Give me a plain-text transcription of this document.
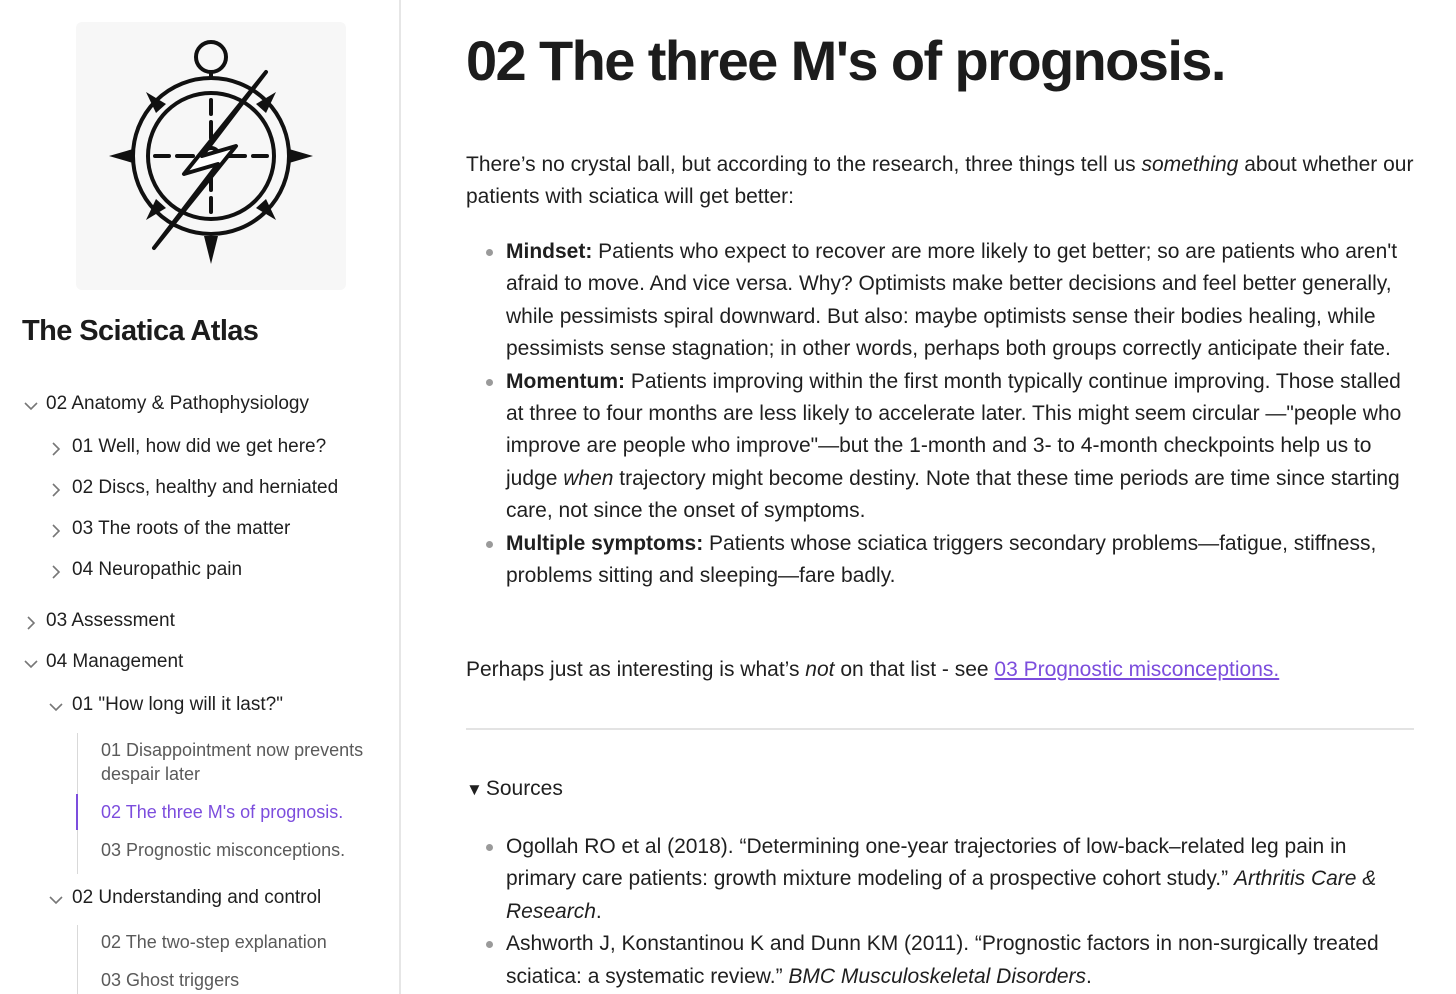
The Sciatica Atlas
02 Anatomy & Pathophysiology
01 Well, how did we get here?
02 Discs, healthy and herniated
03 The roots of the matter
04 Neuropathic pain
03 Assessment
04 Management
01 "How long will it last?"
01 Disappointment now prevents despair later
02 The three M's of prognosis.
03 Prognostic misconceptions.
02 Understanding and control
02 The two-step explanation
03 Ghost triggers
02 The three M's of prognosis.

There’s no crystal ball, but according to the research, three things tell us something about whether our patients with sciatica will get better:

Mindset: Patients who expect to recover are more likely to get better; so are patients who aren't afraid to move. And vice versa. Why? Optimists make better decisions and feel better generally, while pessimists spiral downward. But also: maybe optimists sense their bodies healing, while pessimists sense stagnation; in other words, perhaps both groups correctly anticipate their fate.
Momentum: Patients improving within the first month typically continue improving. Those stalled at three to four months are less likely to accelerate later. This might seem circular —"people who improve are people who improve"—but the 1-month and 3- to 4-month checkpoints help us to judge when trajectory might become destiny. Note that these time periods are time since starting care, not since the onset of symptoms.
Multiple symptoms: Patients whose sciatica triggers secondary problems—fatigue, stiffness, problems sitting and sleeping—fare badly.

Perhaps just as interesting is what’s not on that list - see 03 Prognostic misconceptions.

▼ Sources
Ogollah RO et al (2018). “Determining one-year trajectories of low-back–related leg pain in primary care patients: growth mixture modeling of a prospective cohort study.” Arthritis Care & Research.
Ashworth J, Konstantinou K and Dunn KM (2011). “Prognostic factors in non-surgically treated sciatica: a systematic review.” BMC Musculoskeletal Disorders.
